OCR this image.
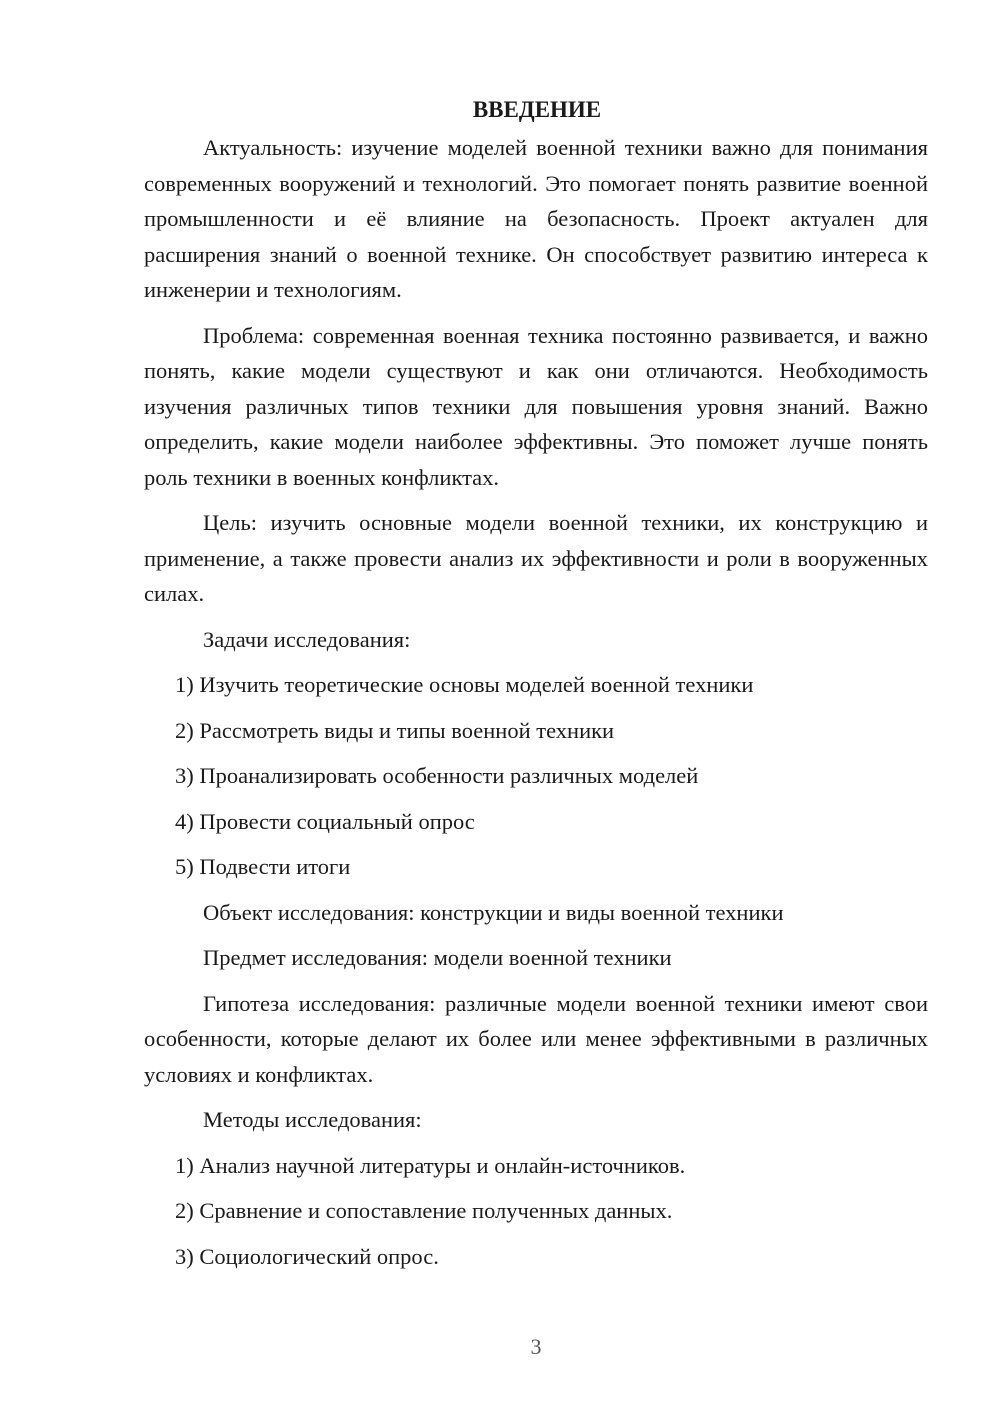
ВВЕДЕНИЕ

Актуальность: изучение моделей военной техники важно для понимания современных вооружений и технологий. Это помогает понять развитие военной промышленности и её влияние на безопасность. Проект актуален для расширения знаний о военной технике. Он способствует развитию интереса к инженерии и технологиям.

Проблема: современная военная техника постоянно развивается, и важно понять, какие модели существуют и как они отличаются. Необходимость изучения различных типов техники для повышения уровня знаний. Важно определить, какие модели наиболее эффективны. Это поможет лучше понять роль техники в военных конфликтах.

Цель: изучить основные модели военной техники, их конструкцию и применение, а также провести анализ их эффективности и роли в вооруженных силах.

Задачи исследования:

1) Изучить теоретические основы моделей военной техники

2) Рассмотреть виды и типы военной техники

3) Проанализировать особенности различных моделей

4) Провести социальный опрос

5) Подвести итоги

Объект исследования: конструкции и виды военной техники

Предмет исследования: модели военной техники

Гипотеза исследования: различные модели военной техники имеют свои особенности, которые делают их более или менее эффективными в различных условиях и конфликтах.

Методы исследования:

1) Анализ научной литературы и онлайн-источников.

2) Сравнение и сопоставление полученных данных.

3) Социологический опрос.

3
